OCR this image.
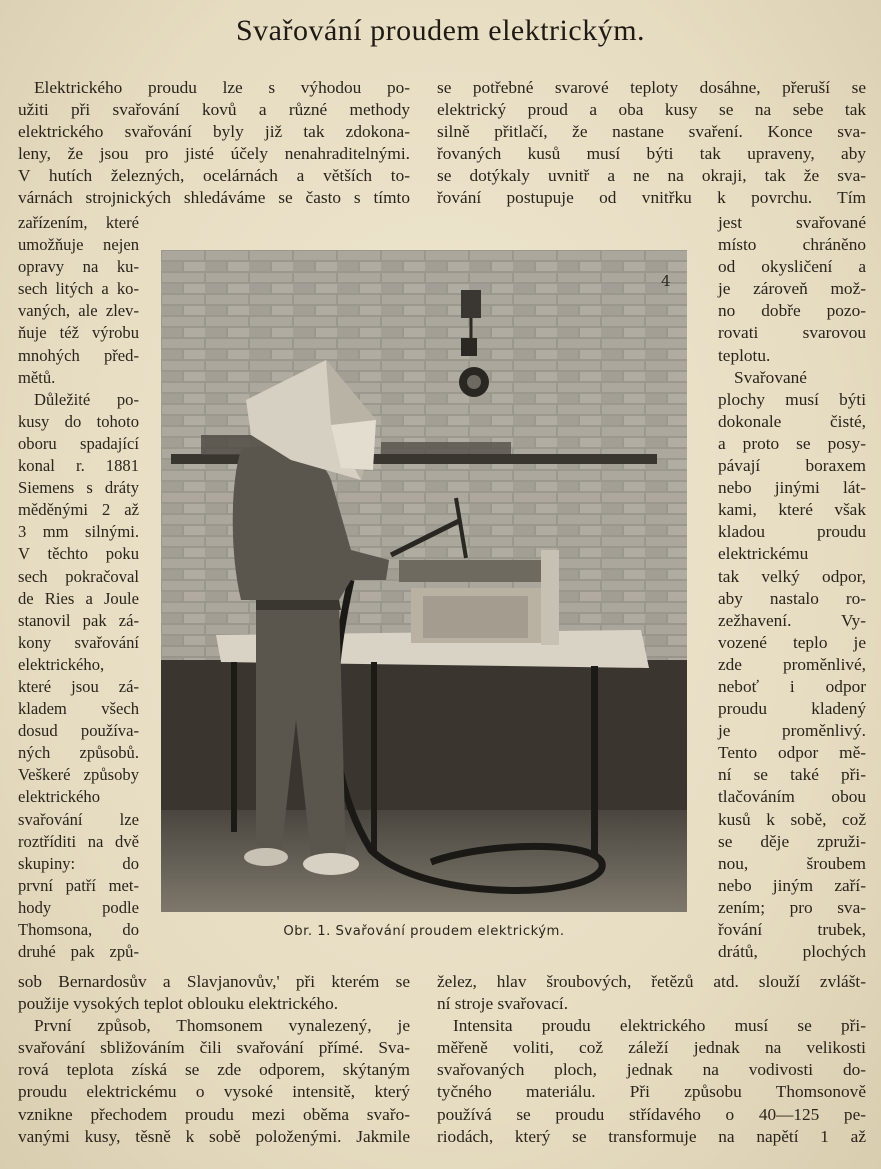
Svařování proudem elektrickým.
Elektrického proudu lze s výhodou po-
užiti při svařování kovů a různé methody
elektrického svařování byly již tak zdokona-
leny, že jsou pro jisté účely nenahraditelnými.
V hutích železných, ocelárnách a větších to-
várnách strojnických shledáváme se často s tímto
zařízením, které
umožňuje nejen
opravy na ku-
sech litých a ko-
vaných, ale zlev-
ňuje též výrobu
mnohých před-
mětů.
Důležité po-
kusy do tohoto
oboru spadající
konal r. 1881
Siemens s dráty
měděnými 2 až
3 mm silnými.
V těchto poku
sech pokračoval
de Ries a Joule
stanovil pak zá-
kony svařování
elektrického,
které jsou zá-
kladem všech
dosud používa-
ných způsobů.
Veškeré způsoby
elektrického
svařování lze
roztříditi na dvě
skupiny: do
první patří met-
hody podle
Thomsona, do
druhé pak způ-
sob Bernardosův a Slavjanovův,' při kterém se
použije vysokých teplot oblouku elektrického.
První způsob, Thomsonem vynalezený, je
svařování sbližováním čili svařování přímé. Sva-
rová teplota získá se zde odporem, skýtaným
proudu elektrickému o vysoké intensitě, který
vznikne přechodem proudu mezi oběma svařo-
vanými kusy, těsně k sobě položenými. Jakmile
se potřebné svarové teploty dosáhne, přeruší se
elektrický proud a oba kusy se na sebe tak
silně přitlačí, že nastane svaření. Konce sva-
řovaných kusů musí býti tak upraveny, aby
se dotýkaly uvnitř a ne na okraji, tak že sva-
řování postupuje od vnitřku k povrchu. Tím
jest svařované
místo chráněno
od okysličení a
je zároveň mož-
no dobře pozo-
rovati svarovou
teplotu.
Svařované
plochy musí býti
dokonale čisté,
a proto se posy-
pávají boraxem
nebo jinými lát-
kami, které však
kladou proudu
elektrickému
tak velký odpor,
aby nastalo ro-
zežhavení. Vy-
vozené teplo je
zde proměnlivé,
neboť i odpor
proudu kladený
je proměnlivý.
Tento odpor mě-
ní se také při-
tlačováním obou
kusů k sobě, což
se děje zpruži-
nou, šroubem
nebo jiným zaří-
zením; pro sva-
řování trubek,
drátů, plochých
želez, hlav šroubových, řetězů atd. slouží zvlášt-
ní stroje svařovací.
Intensita proudu elektrického musí se při-
měřeně voliti, což záleží jednak na velikosti
svařovaných ploch, jednak na vodivosti do-
tyčného materiálu. Při způsobu Thomsonově
používá se proudu střídavého o 40—125 pe-
riodách, který se transformuje na napětí 1 až
4
Obr. 1. Svařování proudem elektrickým.
